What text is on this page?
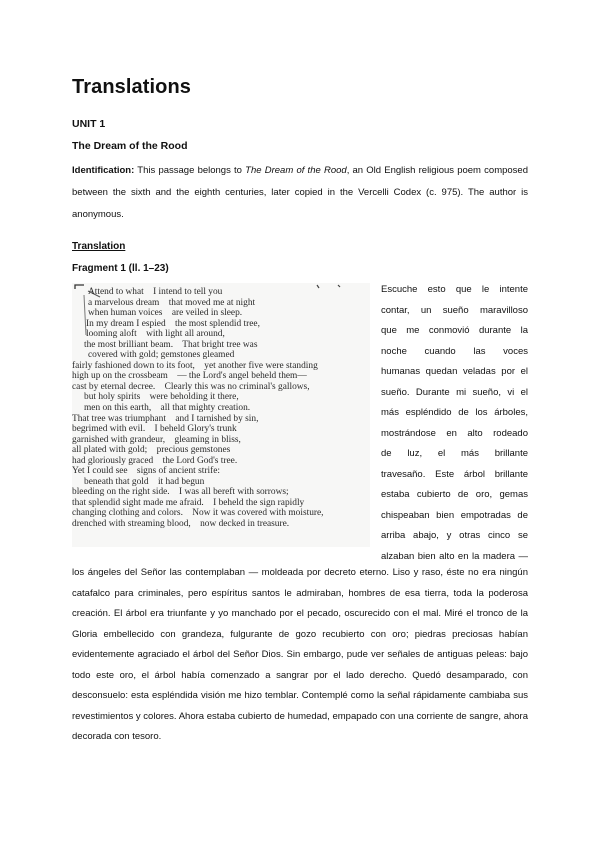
Translations
UNIT 1
The Dream of the Rood

Identification: This passage belongs to The Dream of the Rood, an Old English religious poem composed between the sixth and the eighth centuries, later copied in the Vercelli Codex (c. 975). The author is anonymous.

Translation
Fragment 1 (ll. 1–23)
Attend to what    I intend to tell you
a marvelous dream    that moved me at night
when human voices    are veiled in sleep.
In my dream I espied    the most splendid tree,
looming aloft    with light all around,
the most brilliant beam.    That bright tree was
covered with gold; gemstones gleamed
fairly fashioned down to its foot,    yet another five were standing
high up on the crossbeam    — the Lord's angel beheld them—
cast by eternal decree.    Clearly this was no criminal's gallows,
but holy spirits    were beholding it there,
men on this earth,    all that mighty creation.
That tree was triumphant    and I tarnished by sin,
begrimed with evil.    I beheld Glory's trunk
garnished with grandeur,    gleaming in bliss,
all plated with gold;    precious gemstones
had gloriously graced    the Lord God's tree.
Yet I could see    signs of ancient strife:
beneath that gold    it had begun
bleeding on the right side.    I was all bereft with sorrows;
that splendid sight made me afraid.    I beheld the sign rapidly
changing clothing and colors.    Now it was covered with moisture,
drenched with streaming blood,    now decked in treasure.

Escuche esto que le intente
contar, un sueño maravilloso
que me conmovió durante la
noche cuando las voces
humanas quedan veladas por el
sueño. Durante mi sueño, vi el
más espléndido de los árboles,
mostrándose en alto rodeado
de luz, el más brillante
travesaño. Este árbol brillante
estaba cubierto de oro, gemas
chispeaban bien empotradas de
arriba abajo, y otras cinco se
alzaban bien alto en la madera —

los ángeles del Señor las contemplaban — moldeada por decreto eterno. Liso y raso, éste no era ningún catafalco para criminales, pero espíritus santos le admiraban, hombres de esa tierra, toda la poderosa creación. El árbol era triunfante y yo manchado por el pecado, oscurecido con el mal. Miré el tronco de la Gloria embellecido con grandeza, fulgurante de gozo recubierto con oro; piedras preciosas habían evidentemente agraciado el árbol del Señor Dios. Sin embargo, pude ver señales de antiguas peleas: bajo todo este oro, el árbol había comenzado a sangrar por el lado derecho. Quedó desamparado, con desconsuelo: esta espléndida visión me hizo temblar. Contemplé como la señal rápidamente cambiaba sus revestimientos y colores. Ahora estaba cubierto de humedad, empapado con una corriente de sangre, ahora decorada con tesoro.
